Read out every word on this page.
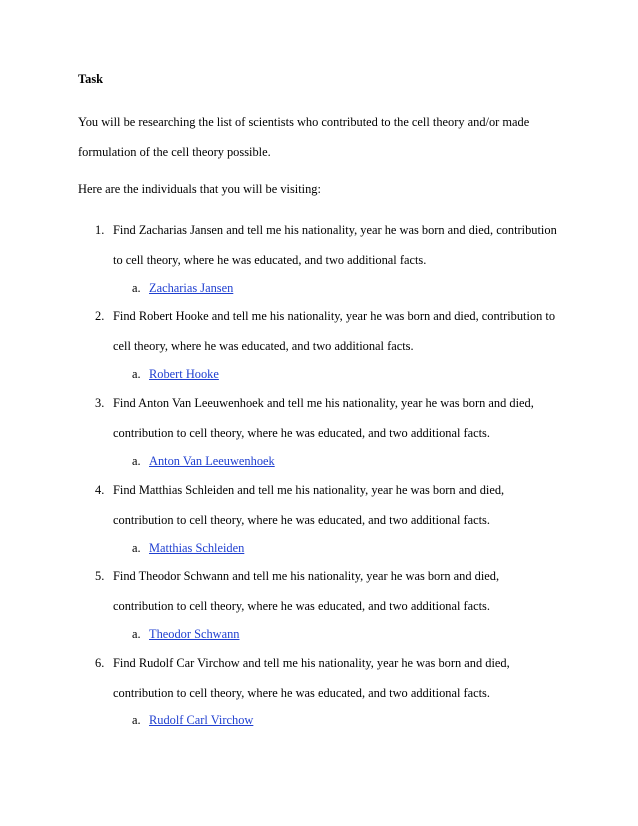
Task
You will be researching the list of scientists who contributed to the cell theory and/or made
formulation of the cell theory possible.
Here are the individuals that you will be visiting:
1. Find Zacharias Jansen and tell me his nationality, year he was born and died, contribution
to cell theory, where he was educated, and two additional facts.
a. Zacharias Jansen
2. Find Robert Hooke and tell me his nationality, year he was born and died, contribution to
cell theory, where he was educated, and two additional facts.
a. Robert Hooke
3. Find Anton Van Leeuwenhoek and tell me his nationality, year he was born and died,
contribution to cell theory, where he was educated, and two additional facts.
a. Anton Van Leeuwenhoek
4. Find Matthias Schleiden and tell me his nationality, year he was born and died,
contribution to cell theory, where he was educated, and two additional facts.
a. Matthias Schleiden
5. Find Theodor Schwann and tell me his nationality, year he was born and died,
contribution to cell theory, where he was educated, and two additional facts.
a. Theodor Schwann
6. Find Rudolf Car Virchow and tell me his nationality, year he was born and died,
contribution to cell theory, where he was educated, and two additional facts.
a. Rudolf Carl Virchow
